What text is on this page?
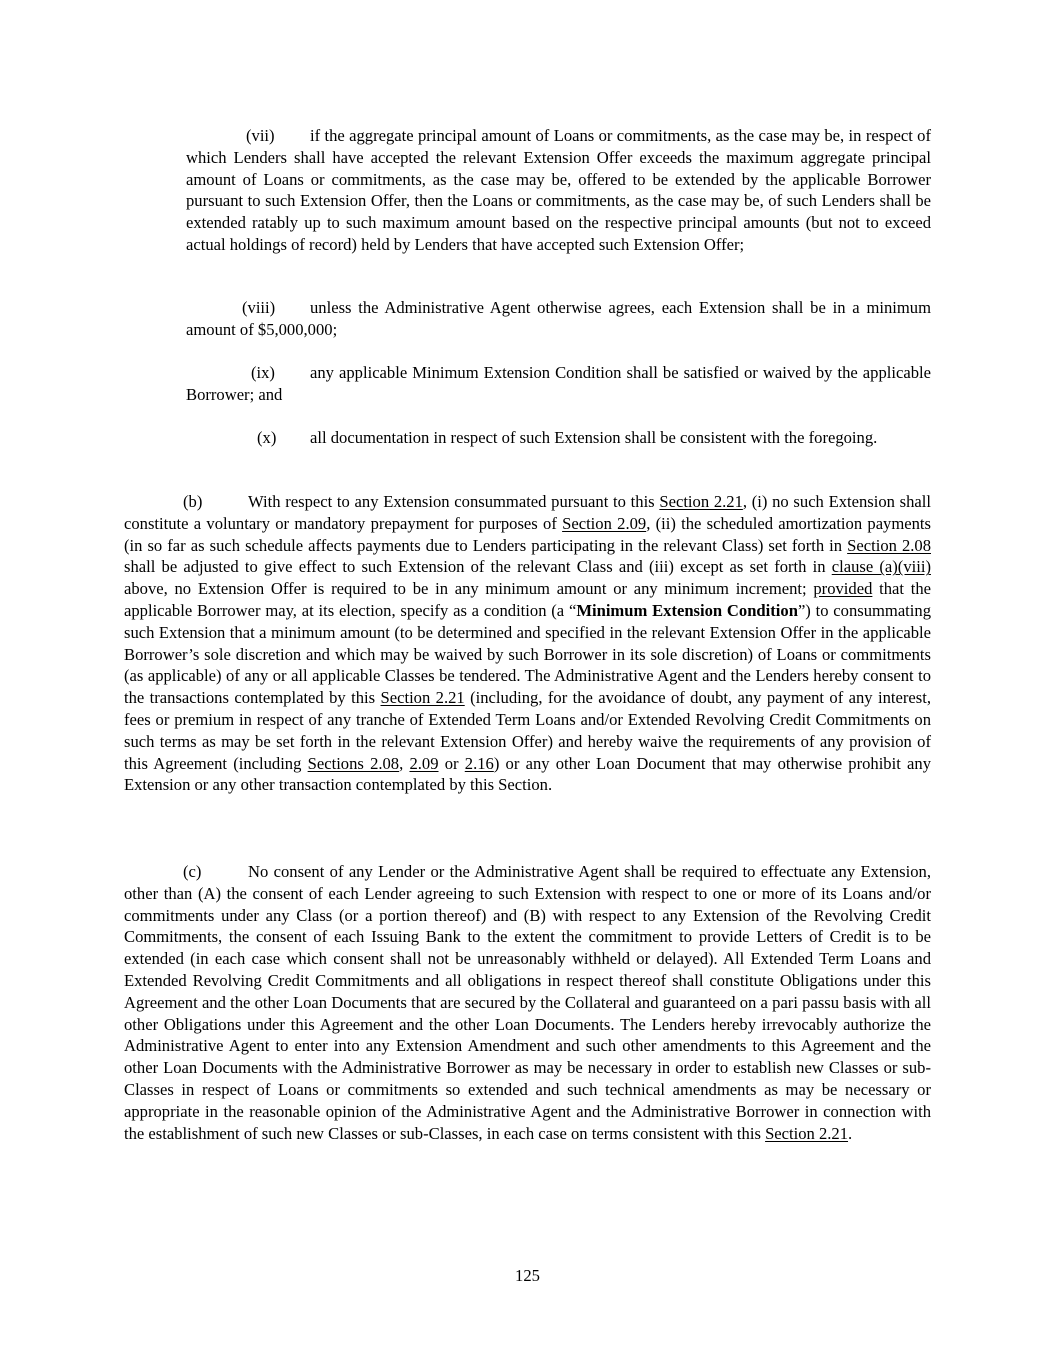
(vii) if the aggregate principal amount of Loans or commitments, as the case may be, in respect of which Lenders shall have accepted the relevant Extension Offer exceeds the maximum aggregate principal amount of Loans or commitments, as the case may be, offered to be extended by the applicable Borrower pursuant to such Extension Offer, then the Loans or commitments, as the case may be, of such Lenders shall be extended ratably up to such maximum amount based on the respective principal amounts (but not to exceed actual holdings of record) held by Lenders that have accepted such Extension Offer;

(viii) unless the Administrative Agent otherwise agrees, each Extension shall be in a minimum amount of $5,000,000;

(ix) any applicable Minimum Extension Condition shall be satisfied or waived by the applicable Borrower; and

(x) all documentation in respect of such Extension shall be consistent with the foregoing.

(b)	With respect to any Extension consummated pursuant to this Section 2.21, (i) no such Extension shall constitute a voluntary or mandatory prepayment for purposes of Section 2.09, (ii) the scheduled amortization payments (in so far as such schedule affects payments due to Lenders participating in the relevant Class) set forth in Section 2.08 shall be adjusted to give effect to such Extension of the relevant Class and (iii) except as set forth in clause (a)(viii) above, no Extension Offer is required to be in any minimum amount or any minimum increment; provided that the applicable Borrower may, at its election, specify as a condition (a “Minimum Extension Condition”) to consummating such Extension that a minimum amount (to be determined and specified in the relevant Extension Offer in the applicable Borrower’s sole discretion and which may be waived by such Borrower in its sole discretion) of Loans or commitments (as applicable) of any or all applicable Classes be tendered. The Administrative Agent and the Lenders hereby consent to the transactions contemplated by this Section 2.21 (including, for the avoidance of doubt, any payment of any interest, fees or premium in respect of any tranche of Extended Term Loans and/or Extended Revolving Credit Commitments on such terms as may be set forth in the relevant Extension Offer) and hereby waive the requirements of any provision of this Agreement (including Sections 2.08, 2.09 or 2.16) or any other Loan Document that may otherwise prohibit any Extension or any other transaction contemplated by this Section.

(c)	No consent of any Lender or the Administrative Agent shall be required to effectuate any Extension, other than (A) the consent of each Lender agreeing to such Extension with respect to one or more of its Loans and/or commitments under any Class (or a portion thereof) and (B) with respect to any Extension of the Revolving Credit Commitments, the consent of each Issuing Bank to the extent the commitment to provide Letters of Credit is to be extended (in each case which consent shall not be unreasonably withheld or delayed). All Extended Term Loans and Extended Revolving Credit Commitments and all obligations in respect thereof shall constitute Obligations under this Agreement and the other Loan Documents that are secured by the Collateral and guaranteed on a pari passu basis with all other Obligations under this Agreement and the other Loan Documents. The Lenders hereby irrevocably authorize the Administrative Agent to enter into any Extension Amendment and such other amendments to this Agreement and the other Loan Documents with the Administrative Borrower as may be necessary in order to establish new Classes or sub-Classes in respect of Loans or commitments so extended and such technical amendments as may be necessary or appropriate in the reasonable opinion of the Administrative Agent and the Administrative Borrower in connection with the establishment of such new Classes or sub-Classes, in each case on terms consistent with this Section 2.21.

125
